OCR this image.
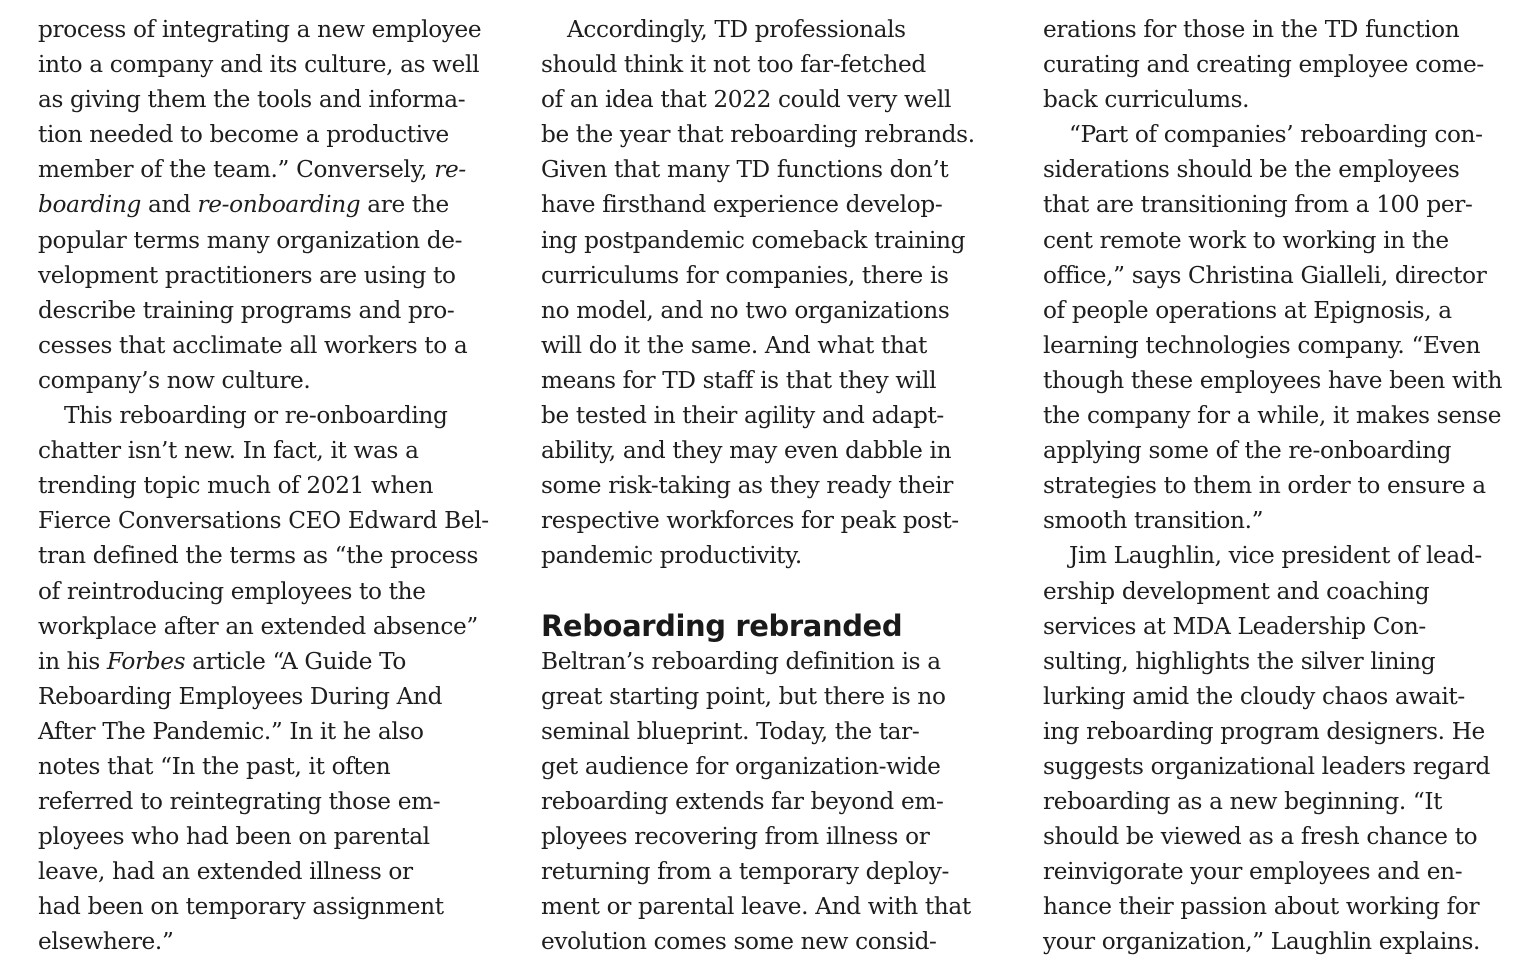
process of integrating a new employee
into a company and its culture, as well
as giving them the tools and informa-
tion needed to become a productive
member of the team.” Conversely, re-
boarding and re-onboarding are the
popular terms many organization de-
velopment practitioners are using to
describe training programs and pro-
cesses that acclimate all workers to a
company’s now culture.
This reboarding or re-onboarding
chatter isn’t new. In fact, it was a
trending topic much of 2021 when
Fierce Conversations CEO Edward Bel-
tran defined the terms as “the process
of reintroducing employees to the
workplace after an extended absence”
in his Forbes article “A Guide To
Reboarding Employees During And
After The Pandemic.” In it he also
notes that “In the past, it often
referred to reintegrating those em-
ployees who had been on parental
leave, had an extended illness or
had been on temporary assignment
elsewhere.”
Accordingly, TD professionals
should think it not too far-fetched
of an idea that 2022 could very well
be the year that reboarding rebrands.
Given that many TD functions don’t
have firsthand experience develop-
ing postpandemic comeback training
curriculums for companies, there is
no model, and no two organizations
will do it the same. And what that
means for TD staff is that they will
be tested in their agility and adapt-
ability, and they may even dabble in
some risk-taking as they ready their
respective workforces for peak post-
pandemic productivity.
Reboarding rebranded
Beltran’s reboarding definition is a
great starting point, but there is no
seminal blueprint. Today, the tar-
get audience for organization-wide
reboarding extends far beyond em-
ployees recovering from illness or
returning from a temporary deploy-
ment or parental leave. And with that
evolution comes some new consid-
erations for those in the TD function
curating and creating employee come-
back curriculums.
“Part of companies’ reboarding con-
siderations should be the employees
that are transitioning from a 100 per-
cent remote work to working in the
office,” says Christina Gialleli, director
of people operations at Epignosis, a
learning technologies company. “Even
though these employees have been with
the company for a while, it makes sense
applying some of the re-onboarding
strategies to them in order to ensure a
smooth transition.”
Jim Laughlin, vice president of lead-
ership development and coaching
services at MDA Leadership Con-
sulting, highlights the silver lining
lurking amid the cloudy chaos await-
ing reboarding program designers. He
suggests organizational leaders regard
reboarding as a new beginning. “It
should be viewed as a fresh chance to
reinvigorate your employees and en-
hance their passion about working for
your organization,” Laughlin explains.
